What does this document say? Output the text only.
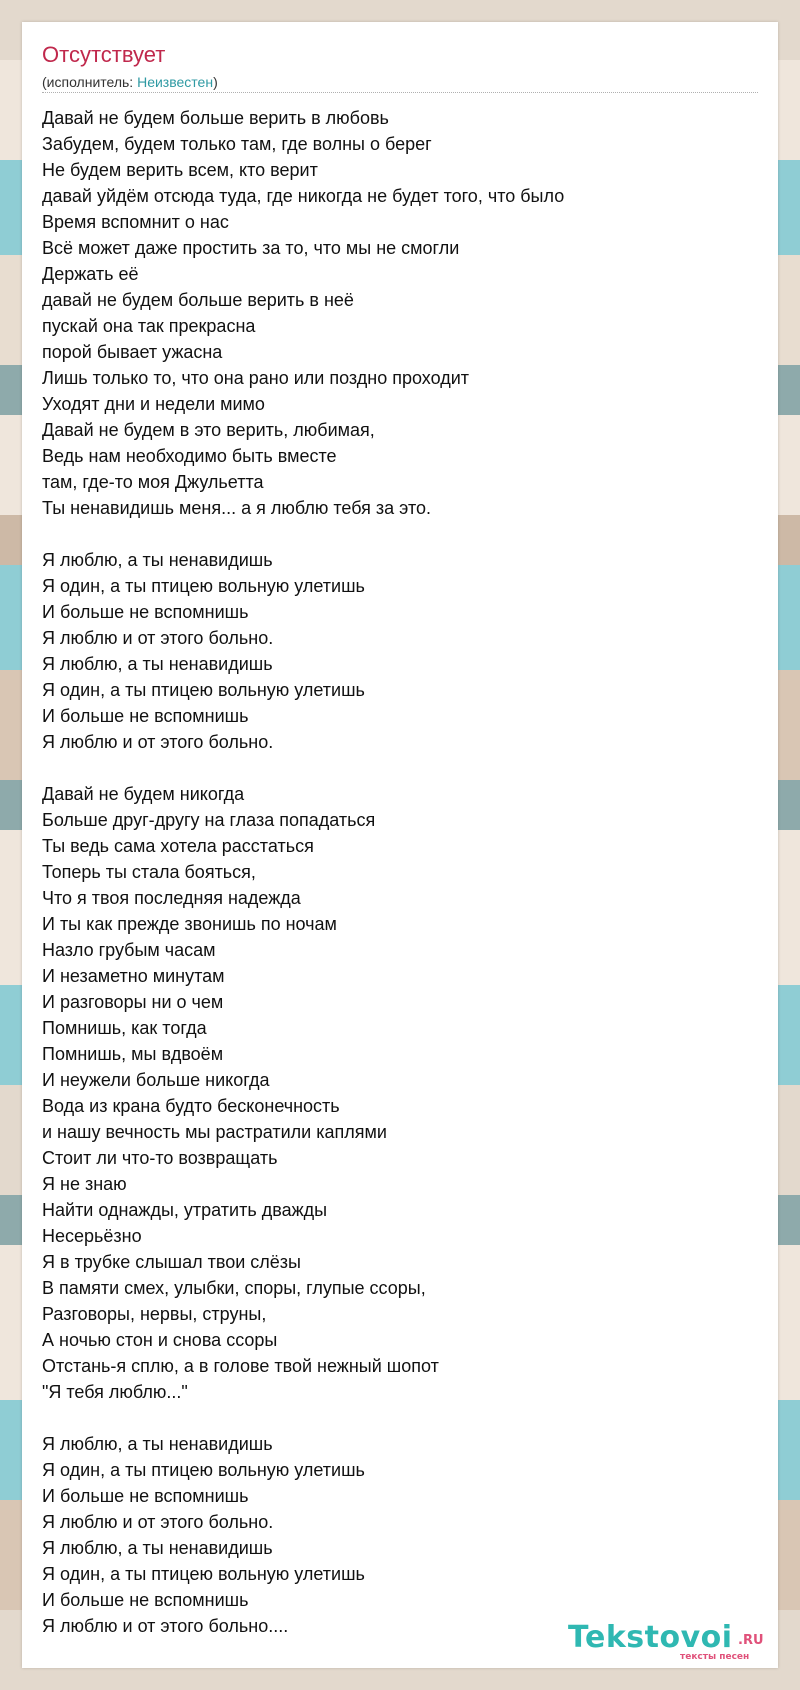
Отсутствует
(исполнитель: Неизвестен)
Давай не будем больше верить в любовь
Забудем, будем только там, где волны о берег
Не будем верить всем, кто верит
давай уйдём отсюда туда, где никогда не будет того, что было
Время вспомнит о нас
Всё может даже простить за то, что мы не смогли
Держать её
давай не будем больше верить в неё
пускай она так прекрасна
порой бывает ужасна
Лишь только то, что она рано или поздно проходит
Уходят дни и недели мимо
Давай не будем в это верить, любимая,
Ведь нам необходимо быть вместе
там, где-то моя Джульетта
Ты ненавидишь меня... а я люблю тебя за это.
Я люблю, а ты ненавидишь
Я один, а ты птицею вольную улетишь
И больше не вспомнишь
Я люблю и от этого больно.
Я люблю, а ты ненавидишь
Я один, а ты птицею вольную улетишь
И больше не вспомнишь
Я люблю и от этого больно.
Давай не будем никогда
Больше друг-другу на глаза попадаться
Ты ведь сама хотела расстаться
Топерь ты стала бояться,
Что я твоя последняя надежда
И ты как прежде звонишь по ночам
Назло грубым часам
И незаметно минутам
И разговоры ни о чем
Помнишь, как тогда
Помнишь, мы вдвоём
И неужели больше никогда
Вода из крана будто бесконечность
и нашу вечность мы растратили каплями
Стоит ли что-то возвращать
Я не знаю
Найти однажды, утратить дважды
Несерьёзно
Я в трубке слышал твои слёзы
В памяти смех, улыбки, споры, глупые ссоры,
Разговоры, нервы, струны,
А ночью стон и снова ссоры
Отстань-я сплю, а в голове твой нежный шопот
"Я тебя люблю..."
Я люблю, а ты ненавидишь
Я один, а ты птицею вольную улетишь
И больше не вспомнишь
Я люблю и от этого больно.
Я люблю, а ты ненавидишь
Я один, а ты птицею вольную улетишь
И больше не вспомнишь
Я люблю и от этого больно....	Tekstovoi .RU
тексты песен
